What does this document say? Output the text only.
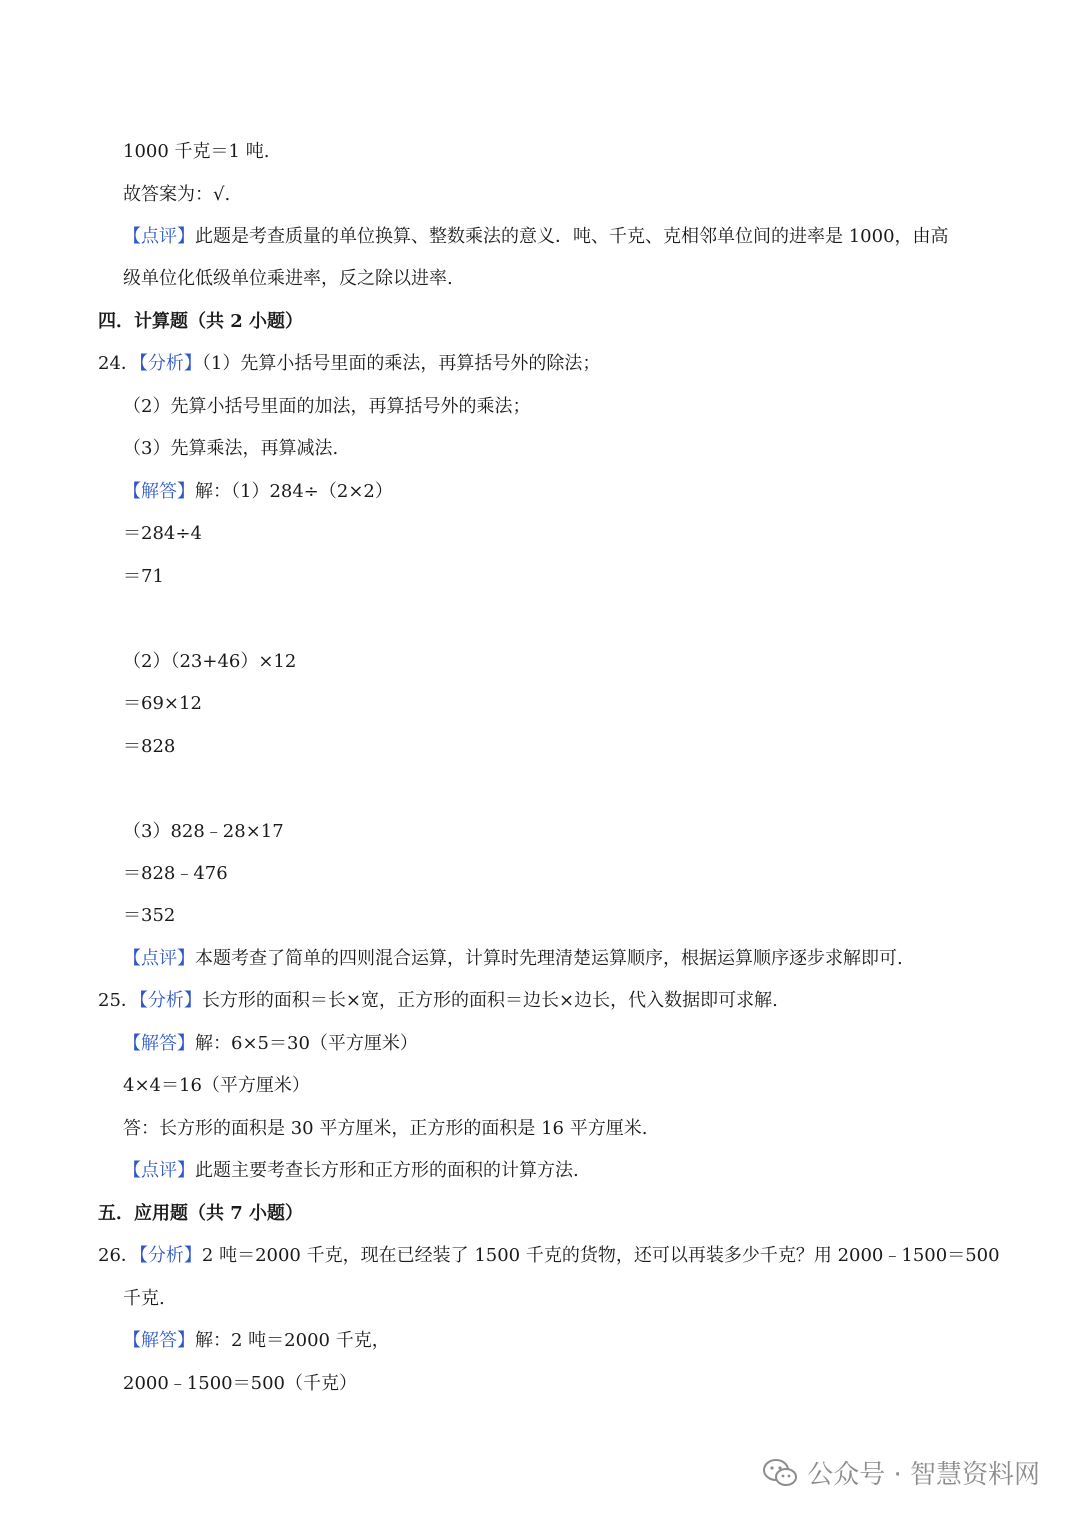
1000 千克＝1 吨.
故答案为：√.
【点评】此题是考查质量的单位换算、整数乘法的意义．吨、千克、克相邻单位间的进率是 1000，由高
级单位化低级单位乘进率，反之除以进率.
四．计算题（共 2 小题）
24．【分析】（1）先算小括号里面的乘法，再算括号外的除法；
（2）先算小括号里面的加法，再算括号外的乘法；
（3）先算乘法，再算减法.
【解答】解：（1）284÷（2×2）
＝284÷4
＝71
（2）（23+46）×12
＝69×12
＝828
（3）828﹣28×17
＝828﹣476
＝352
【点评】本题考查了简单的四则混合运算，计算时先理清楚运算顺序，根据运算顺序逐步求解即可.
25．【分析】长方形的面积＝长×宽，正方形的面积＝边长×边长，代入数据即可求解.
【解答】解：6×5＝30（平方厘米）
4×4＝16（平方厘米）
答：长方形的面积是 30 平方厘米，正方形的面积是 16 平方厘米.
【点评】此题主要考查长方形和正方形的面积的计算方法.
五．应用题（共 7 小题）
26．【分析】2 吨＝2000 千克，现在已经装了 1500 千克的货物，还可以再装多少千克？用 2000﹣1500＝500
千克.
【解答】解：2 吨＝2000 千克，
2000﹣1500＝500（千克）
公众号 · 智慧资料网
